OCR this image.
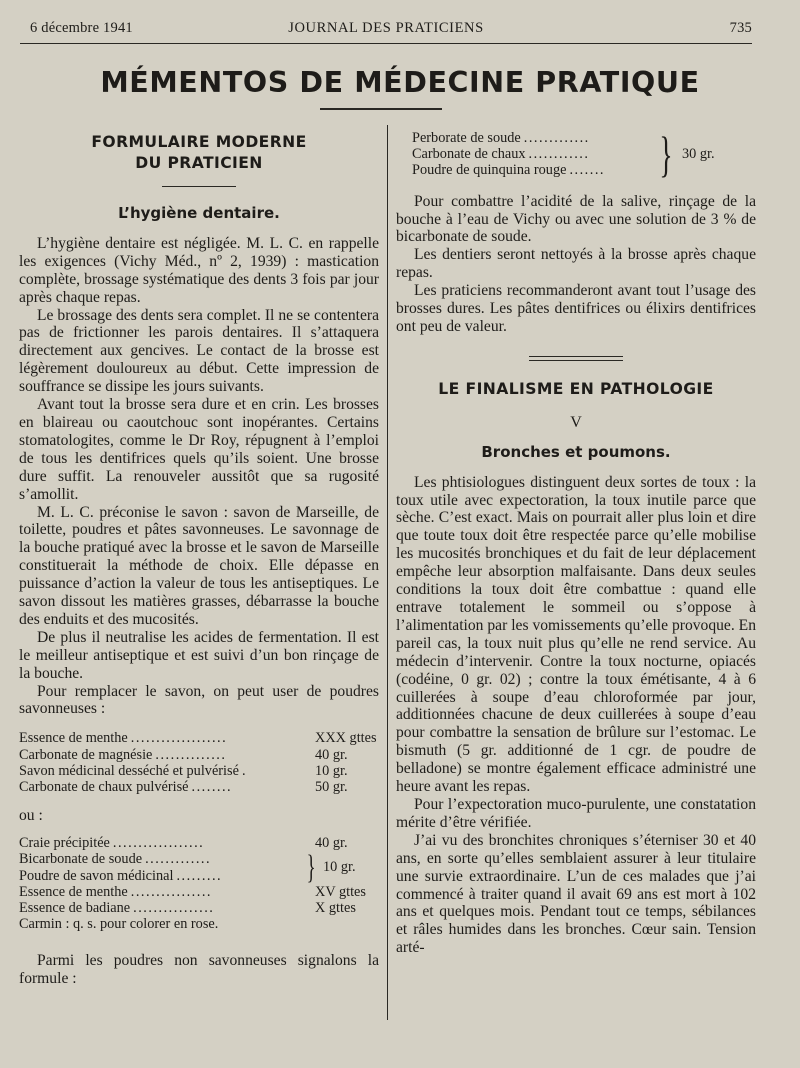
6 décembre 1941	JOURNAL DES PRATICIENS	735
MÉMENTOS DE MÉDECINE PRATIQUE
FORMULAIRE MODERNE
DU PRATICIEN
L’hygiène dentaire.

L’hygiène dentaire est négligée. M. L. C. en rappelle les exigences (Vichy Méd., nº 2, 1939) : mastication complète, brossage systématique des dents 3 fois par jour après chaque repas.

Le brossage des dents sera complet. Il ne se contentera pas de frictionner les parois dentaires. Il s’attaquera directement aux gencives. Le contact de la brosse est légèrement douloureux au début. Cette impression de souffrance se dissipe les jours suivants.

Avant tout la brosse sera dure et en crin. Les brosses en blaireau ou caoutchouc sont inopérantes. Certains stomatologites, comme le Dr Roy, répugnent à l’emploi de tous les dentifrices quels qu’ils soient. Une brosse dure suffit. La renouveler aussitôt que sa rugosité s’amollit.

M. L. C. préconise le savon : savon de Marseille, de toilette, poudres et pâtes savonneuses. Le savonnage de la bouche pratiqué avec la brosse et le savon de Marseille constituerait la méthode de choix. Elle dépasse en puissance d’action la valeur de tous les antiseptiques. Le savon dissout les matières grasses, débarrasse la bouche des enduits et des mucosités.

De plus il neutralise les acides de fermentation. Il est le meilleur antiseptique et est suivi d’un bon rinçage de la bouche.

Pour remplacer le savon, on peut user de poudres savonneuses :

Essence de menthe ...................	XXX gttes
Carbonate de magnésie ..............	40 gr.
Savon médicinal desséché et pulvérisé .	10 gr.
Carbonate de chaux pulvérisé ........	50 gr.
ou :
Craie précipitée ..................	40 gr.
Bicarbonate de soude .............
Poudre de savon médicinal .........	} 10 gr.
Essence de menthe ................	XV gttes
Essence de badiane ................	X gttes
Carmin : q. s. pour colorer en rose.

Parmi les poudres non savonneuses signalons la formule :

Perborate de soude .............
Carbonate de chaux ............
Poudre de quinquina rouge .......	} 30 gr.

Pour combattre l’acidité de la salive, rinçage de la bouche à l’eau de Vichy ou avec une solution de 3 % de bicarbonate de soude.

Les dentiers seront nettoyés à la brosse après chaque repas.

Les praticiens recommanderont avant tout l’usage des brosses dures. Les pâtes dentifrices ou élixirs dentifrices ont peu de valeur.

LE FINALISME EN PATHOLOGIE
V
Bronches et poumons.

Les phtisiologues distinguent deux sortes de toux : la toux utile avec expectoration, la toux inutile parce que sèche. C’est exact. Mais on pourrait aller plus loin et dire que toute toux doit être respectée parce qu’elle mobilise les mucosités bronchiques et du fait de leur déplacement empêche leur absorption malfaisante. Dans deux seules conditions la toux doit être combattue : quand elle entrave totalement le sommeil ou s’oppose à l’alimentation par les vomissements qu’elle provoque. En pareil cas, la toux nuit plus qu’elle ne rend service. Au médecin d’intervenir. Contre la toux nocturne, opiacés (codéine, 0 gr. 02) ; contre la toux émétisante, 4 à 6 cuillerées à soupe d’eau chloroformée par jour, additionnées chacune de deux cuillerées à soupe d’eau pour combattre la sensation de brûlure sur l’estomac. Le bismuth (5 gr. additionné de 1 cgr. de poudre de belladone) se montre également efficace administré une heure avant les repas.

Pour l’expectoration muco-purulente, une constatation mérite d’être vérifiée.

J’ai vu des bronchites chroniques s’éterniser 30 et 40 ans, en sorte qu’elles semblaient assurer à leur titulaire une survie extraordinaire. L’un de ces malades que j’ai commencé à traiter quand il avait 69 ans est mort à 102 ans et quelques mois. Pendant tout ce temps, sébilances et râles humides dans les bronches. Cœur sain. Tension arté-
